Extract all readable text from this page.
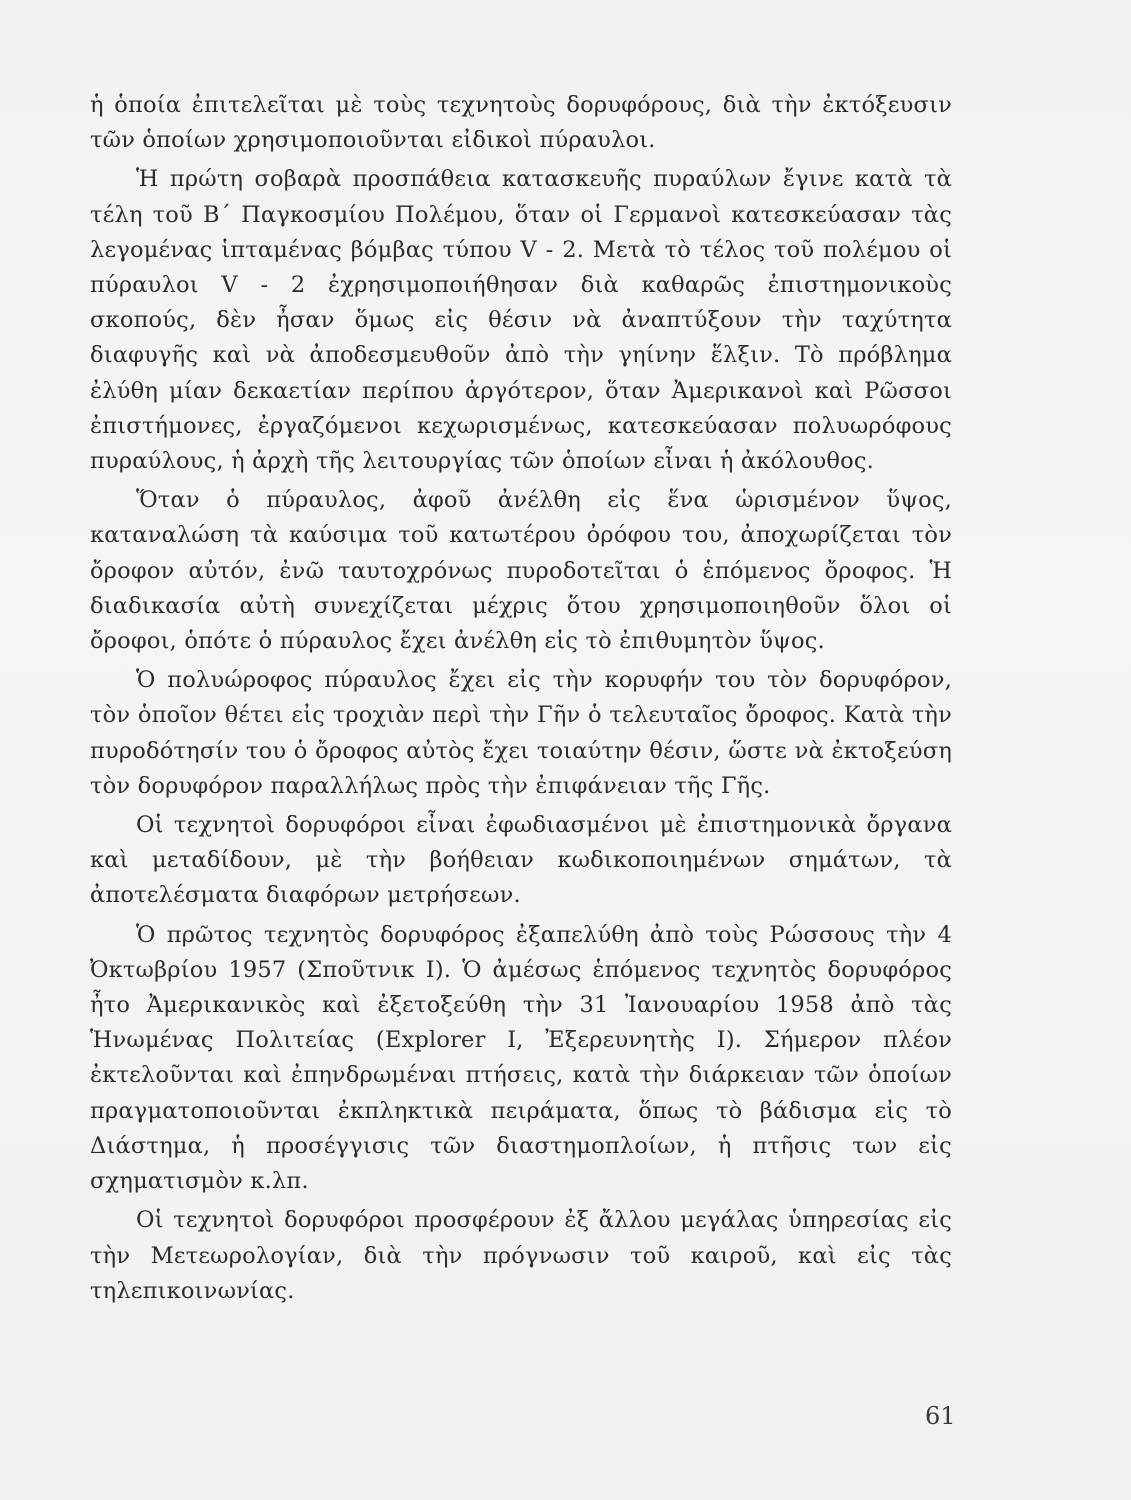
ἡ ὁποία ἐπιτελεῖται μὲ τοὺς τεχνητοὺς δορυφόρους, διὰ τὴν ἐκτόξευσιν τῶν ὁποίων χρησιμοποιοῦνται εἰδικοὶ πύραυλοι.

Ἡ πρώτη σοβαρὰ προσπάθεια κατασκευῆς πυραύλων ἔγινε κατὰ τὰ τέλη τοῦ Β΄ Παγκοσμίου Πολέμου, ὅταν οἱ Γερμανοὶ κατεσκεύασαν τὰς λεγομένας ἱπταμένας βόμβας τύπου V - 2. Μετὰ τὸ τέλος τοῦ πολέμου οἱ πύραυλοι V - 2 ἐχρησιμοποιήθησαν διὰ καθαρῶς ἐπιστημονικοὺς σκοπούς, δὲν ἦσαν ὅμως εἰς θέσιν νὰ ἀναπτύξουν τὴν ταχύτητα διαφυγῆς καὶ νὰ ἀποδεσμευθοῦν ἀπὸ τὴν γηίνην ἕλξιν. Τὸ πρόβλημα ἐλύθη μίαν δεκαετίαν περίπου ἀργότερον, ὅταν Ἀμερικανοὶ καὶ Ρῶσσοι ἐπιστήμονες, ἐργαζόμενοι κεχωρισμένως, κατεσκεύασαν πολυωρόφους πυραύλους, ἡ ἀρχὴ τῆς λειτουργίας τῶν ὁποίων εἶναι ἡ ἀκόλουθος.

Ὅταν ὁ πύραυλος, ἀφοῦ ἀνέλθη εἰς ἕνα ὡρισμένον ὕψος, καταναλώση τὰ καύσιμα τοῦ κατωτέρου ὀρόφου του, ἀποχωρίζεται τὸν ὄροφον αὐτόν, ἐνῶ ταυτοχρόνως πυροδοτεῖται ὁ ἑπόμενος ὄροφος. Ἡ διαδικασία αὐτὴ συνεχίζεται μέχρις ὅτου χρησιμοποιηθοῦν ὅλοι οἱ ὄροφοι, ὁπότε ὁ πύραυλος ἔχει ἀνέλθη εἰς τὸ ἐπιθυμητὸν ὕψος.

Ὁ πολυώροφος πύραυλος ἔχει εἰς τὴν κορυφήν του τὸν δορυφόρον, τὸν ὁποῖον θέτει εἰς τροχιὰν περὶ τὴν Γῆν ὁ τελευταῖος ὄροφος. Κατὰ τὴν πυροδότησίν του ὁ ὄροφος αὐτὸς ἔχει τοιαύτην θέσιν, ὥστε νὰ ἐκτοξεύση τὸν δορυφόρον παραλλήλως πρὸς τὴν ἐπιφάνειαν τῆς Γῆς.

Οἱ τεχνητοὶ δορυφόροι εἶναι ἐφωδιασμένοι μὲ ἐπιστημονικὰ ὄργανα καὶ μεταδίδουν, μὲ τὴν βοήθειαν κωδικοποιημένων σημάτων, τὰ ἀποτελέσματα διαφόρων μετρήσεων.

Ὁ πρῶτος τεχνητὸς δορυφόρος ἐξαπελύθη ἀπὸ τοὺς Ρώσσους τὴν 4 Ὀκτωβρίου 1957 (Σποῦτνικ Ι). Ὁ ἀμέσως ἑπόμενος τεχνητὸς δορυφόρος ἦτο Ἀμερικανικὸς καὶ ἐξετοξεύθη τὴν 31 Ἰανουαρίου 1958 ἀπὸ τὰς Ἡνωμένας Πολιτείας (Explorer I, Ἐξερευνητὴς Ι). Σήμερον πλέον ἐκτελοῦνται καὶ ἐπηνδρωμέναι πτήσεις, κατὰ τὴν διάρκειαν τῶν ὁποίων πραγματοποιοῦνται ἐκπληκτικὰ πειράματα, ὅπως τὸ βάδισμα εἰς τὸ Διάστημα, ἡ προσέγγισις τῶν διαστημοπλοίων, ἡ πτῆσις των εἰς σχηματισμὸν κ.λπ.

Οἱ τεχνητοὶ δορυφόροι προσφέρουν ἐξ ἄλλου μεγάλας ὑπηρεσίας εἰς τὴν Μετεωρολογίαν, διὰ τὴν πρόγνωσιν τοῦ καιροῦ, καὶ εἰς τὰς τηλεπικοινωνίας.

61
